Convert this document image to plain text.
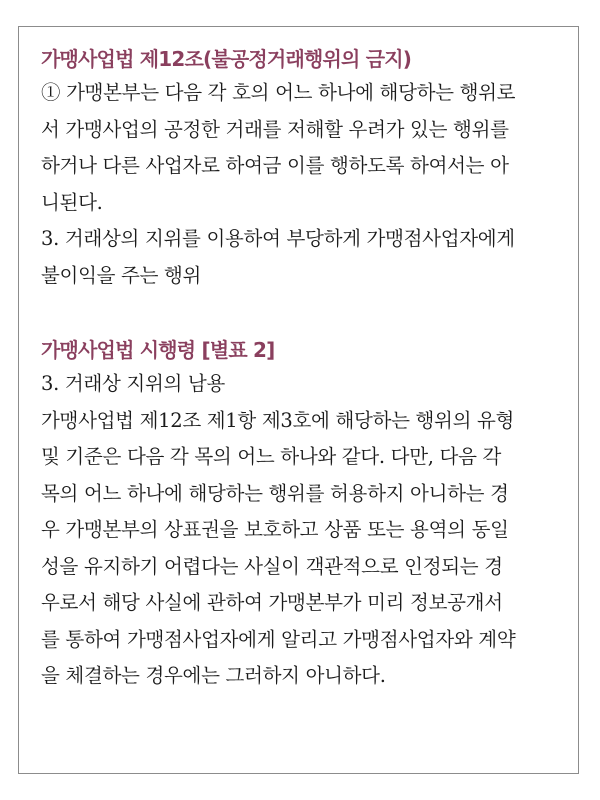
가맹사업법 제12조(불공정거래행위의 금지)
① 가맹본부는 다음 각 호의 어느 하나에 해당하는 행위로
서 가맹사업의 공정한 거래를 저해할 우려가 있는 행위를
하거나 다른 사업자로 하여금 이를 행하도록 하여서는 아
니된다.
3. 거래상의 지위를 이용하여 부당하게 가맹점사업자에게
불이익을 주는 행위
가맹사업법 시행령 [별표 2]
3. 거래상 지위의 남용
가맹사업법 제12조 제1항 제3호에 해당하는 행위의 유형
및 기준은 다음 각 목의 어느 하나와 같다. 다만, 다음 각
목의 어느 하나에 해당하는 행위를 허용하지 아니하는 경
우 가맹본부의 상표권을 보호하고 상품 또는 용역의 동일
성을 유지하기 어렵다는 사실이 객관적으로 인정되는 경
우로서 해당 사실에 관하여 가맹본부가 미리 정보공개서
를 통하여 가맹점사업자에게 알리고 가맹점사업자와 계약
을 체결하는 경우에는 그러하지 아니하다.
